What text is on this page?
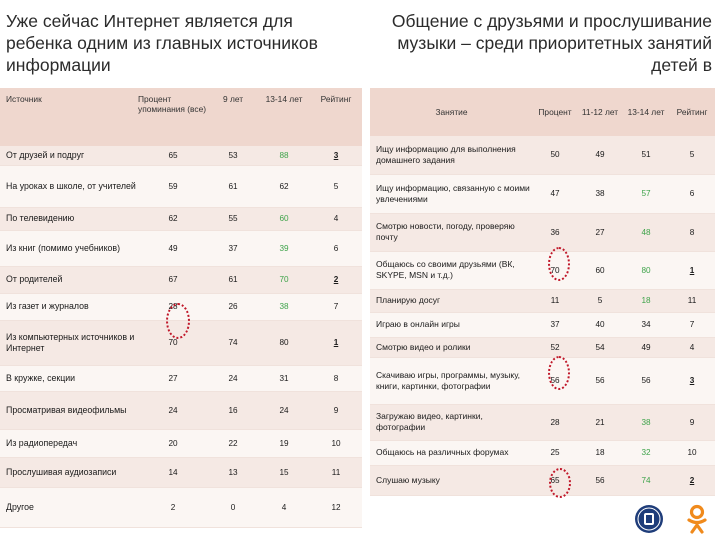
Уже сейчас Интернет является для ребенка одним из главных источников информации
Общение с друзьями и прослушивание музыки – среди приоритетных занятий детей в
Источник	Процент упоминания (все)	9 лет	13-14 лет	Рейтинг
От друзей и подруг	65	53	88	3
На уроках в школе, от учителей	59	61	62	5
По телевидению	62	55	60	4
Из книг (помимо учебников)	49	37	39	6
От родителей	67	61	70	2
Из газет и журналов	28	26	38	7
Из компьютерных источников и Интернет	70	74	80	1
В кружке, секции	27	24	31	8
Просматривая видеофильмы	24	16	24	9
Из радиопередач	20	22	19	10
Прослушивая аудиозаписи	14	13	15	11
Другое	2	0	4	12
Занятие	Процент	11-12 лет	13-14 лет	Рейтинг
Ищу информацию для выполнения домашнего задания	50	49	51	5
Ищу информацию, связанную с моими увлечениями	47	38	57	6
Смотрю новости, погоду, проверяю почту	36	27	48	8
Общаюсь со своими друзьями (ВК, SKYPE, MSN и т.д.)	70	60	80	1
Планирую досуг	11	5	18	11
Играю в онлайн игры	37	40	34	7
Смотрю видео и ролики	52	54	49	4
Скачиваю игры, программы, музыку, книги, картинки, фотографии	56	56	56	3
Загружаю видео, картинки, фотографии	28	21	38	9
Общаюсь на различных форумах	25	18	32	10
Слушаю музыку	65	56	74	2
